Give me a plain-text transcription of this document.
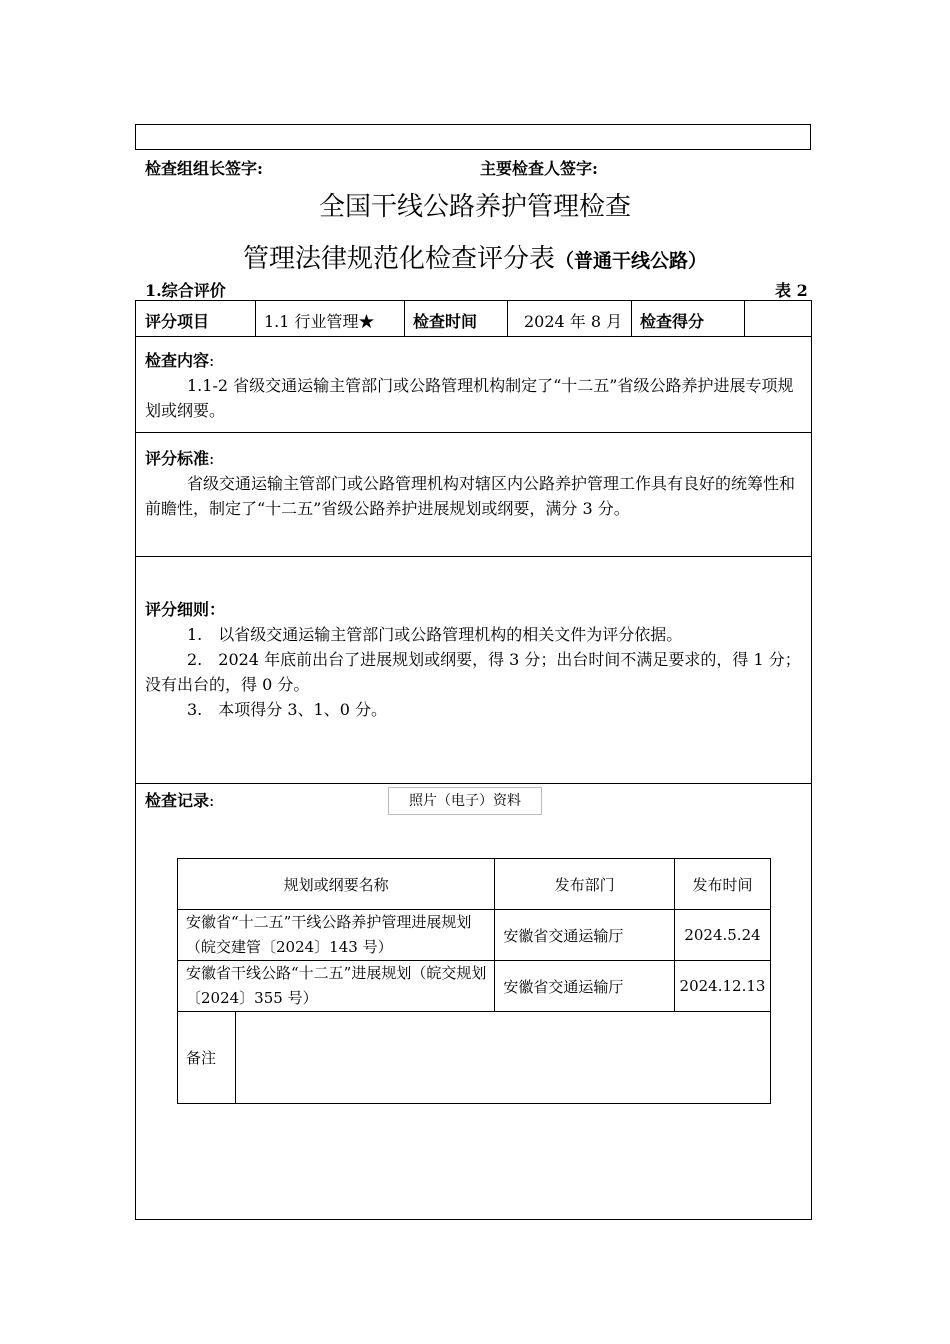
检查组组长签字:	主要检查人签字:
全国干线公路养护管理检查
管理法律规范化检查评分表（普通干线公路）
1.综合评价	表 2
评分项目	1.1 行业管理★ 检查时间	2024 年 8 月 检查得分

检查内容:

1.1-2 省级交通运输主管部门或公路管理机构制定了“十二五”省级公路养护进展专项规划或纲要。

评分标准:

省级交通运输主管部门或公路管理机构对辖区内公路养护管理工作具有良好的统筹性和前瞻性，制定了“十二五”省级公路养护进展规划或纲要，满分 3 分。

评分细则：

1.　以省级交通运输主管部门或公路管理机构的相关文件为评分依据。

2.　2024 年底前出台了进展规划或纲要，得 3 分；出台时间不满足要求的，得 1 分；没有出台的，得 0 分。

3.　本项得分 3、1、0 分。

检查记录:	照片（电子）资料
规划或纲要名称		发布部门	发布时间
安徽省“十二五”干线公路养护管理进展规划（皖交建管〔2024〕143 号）		安徽省交通运输厅	2024.5.24
安徽省干线公路“十二五”进展规划（皖交规划〔2024〕355 号）		安徽省交通运输厅	2024.12.13
备注			
